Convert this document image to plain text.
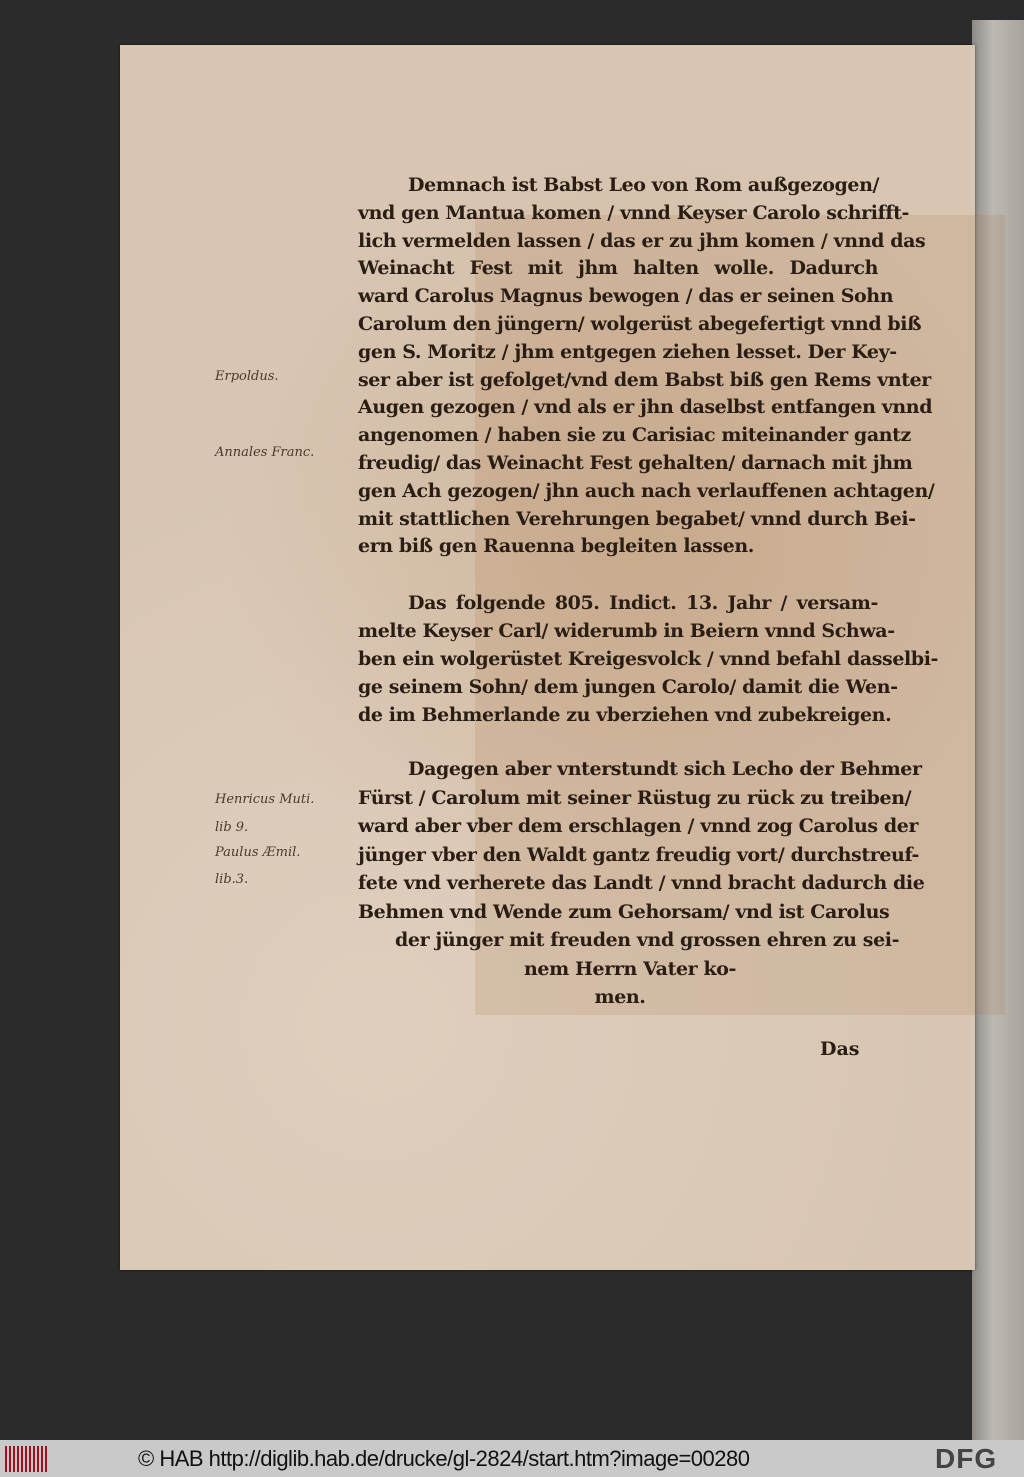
Demnach ist Babst Leo von Rom außgezogen/
vnd gen Mantua komen / vnnd Keyser Carolo schrifft-
lich vermelden lassen / das er zu jhm komen / vnnd das
Weinacht Fest mit jhm halten wolle. Dadurch
ward Carolus Magnus bewogen / das er seinen Sohn
Carolum den jüngern/ wolgerüst abegefertigt vnnd biß
gen S. Moritz / jhm entgegen ziehen lesset. Der Key-
ser aber ist gefolget/vnd dem Babst biß gen Rems vnter
Augen gezogen / vnd als er jhn daselbst entfangen vnnd
angenomen / haben sie zu Carisiac miteinander gantz
freudig/ das Weinacht Fest gehalten/ darnach mit jhm
gen Ach gezogen/ jhn auch nach verlauffenen achtagen/
mit stattlichen Verehrungen begabet/ vnnd durch Bei-
ern biß gen Rauenna begleiten lassen.
Das folgende 805. Indict. 13. Jahr / versam-
melte Keyser Carl/ widerumb in Beiern vnnd Schwa-
ben ein wolgerüstet Kreigesvolck / vnnd befahl dasselbi-
ge seinem Sohn/ dem jungen Carolo/ damit die Wen-
de im Behmerlande zu vberziehen vnd zubekreigen.
Dagegen aber vnterstundt sich Lecho der Behmer
Fürst / Carolum mit seiner Rüstug zu rück zu treiben/
ward aber vber dem erschlagen / vnnd zog Carolus der
jünger vber den Waldt gantz freudig vort/ durchstreuf-
fete vnd verherete das Landt / vnnd bracht dadurch die
Behmen vnd Wende zum Gehorsam/ vnd ist Carolus
der jünger mit freuden vnd grossen ehren zu sei-
nem Herrn Vater ko-
men.
Erpoldus.
Annales Franc.
Henricus Muti.
lib 9.
Paulus Æmil.
lib.3.
Das
© HAB http://diglib.hab.de/drucke/gl-2824/start.htm?image=00280	DFG
